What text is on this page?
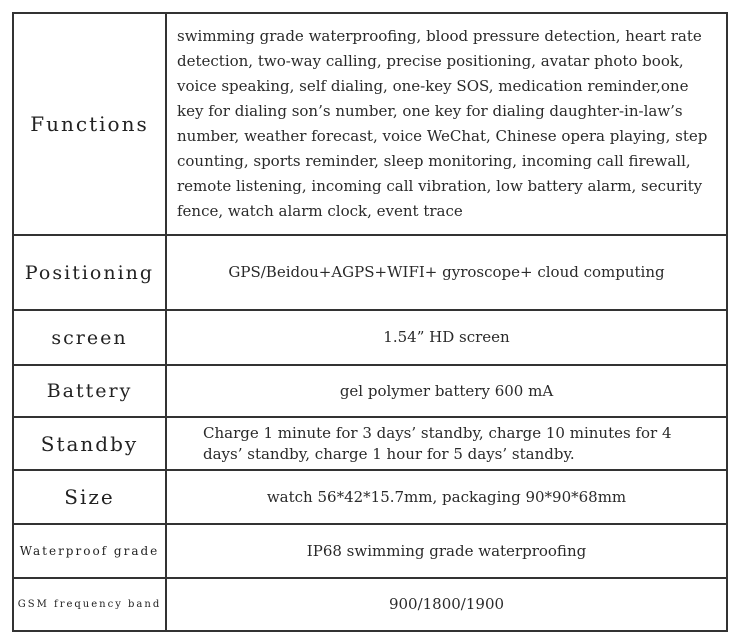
Functions	swimming grade waterproofing, blood pressure detection, heart rate detection, two-way calling, precise positioning, avatar photo book, voice speaking, self dialing, one-key SOS, medication reminder,one key for dialing son’s number, one key for dialing daughter-in-law’s number, weather forecast, voice WeChat, Chinese opera playing, step counting, sports reminder, sleep monitoring, incoming call firewall, remote listening, incoming call vibration, low battery alarm, security fence, watch alarm clock, event trace
Positioning	GPS/Beidou+AGPS+WIFI+ gyroscope+ cloud computing
screen	1.54” HD screen
Battery	gel polymer battery 600 mA
Standby	Charge 1 minute for 3 days’ standby, charge 10 minutes for 4 days’ standby, charge 1 hour for 5 days’ standby.
Size	watch 56*42*15.7mm, packaging 90*90*68mm
Waterproof grade	IP68 swimming grade waterproofing
GSM frequency band	900/1800/1900
